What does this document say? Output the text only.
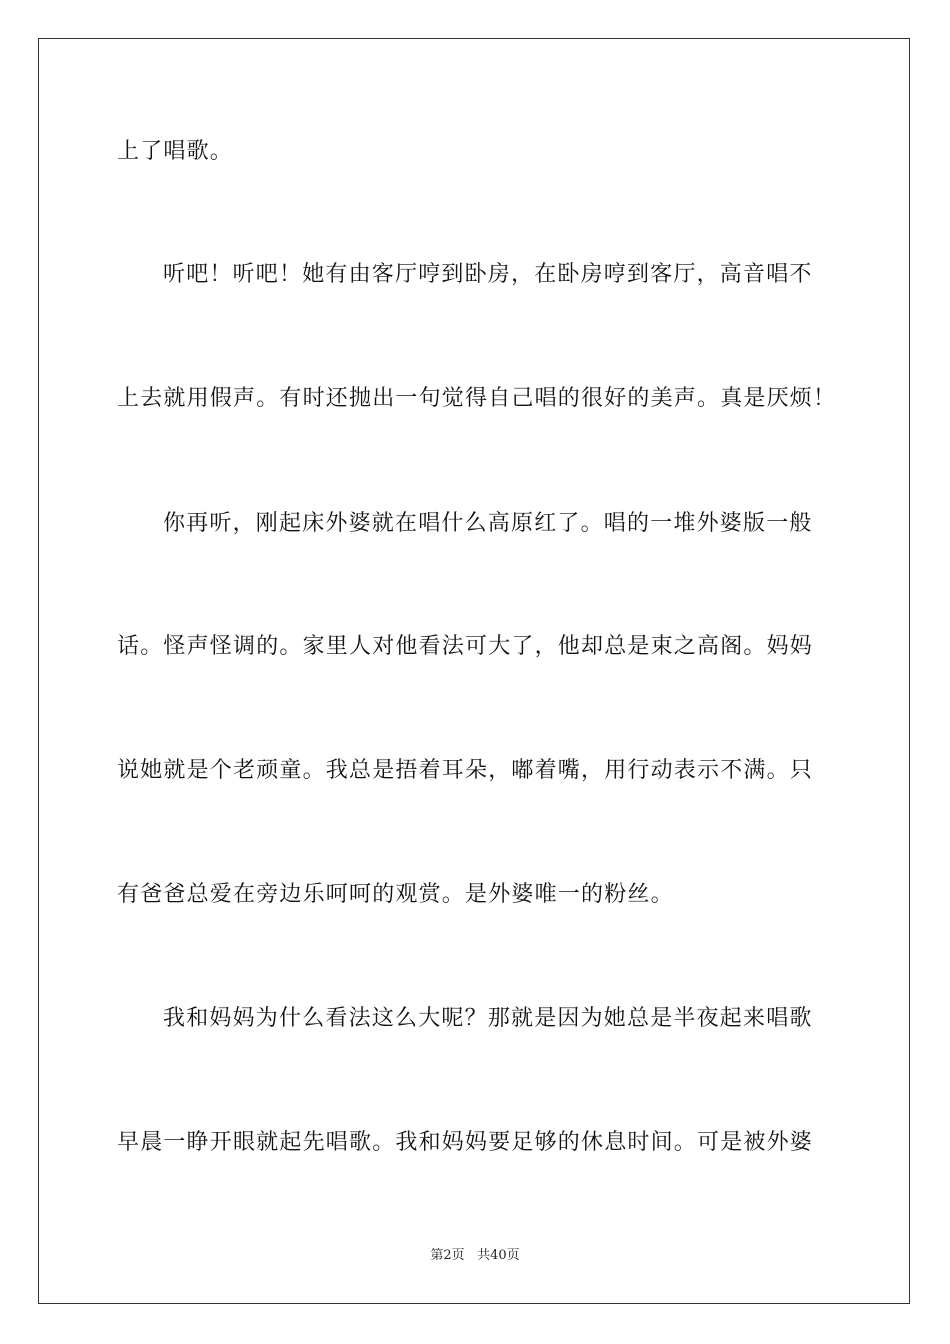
上了唱歌。
听吧！听吧！她有由客厅哼到卧房，在卧房哼到客厅，高音唱不
上去就用假声。有时还抛出一句觉得自己唱的很好的美声。真是厌烦！
你再听，刚起床外婆就在唱什么高原红了。唱的一堆外婆版一般
话。怪声怪调的。家里人对他看法可大了，他却总是束之高阁。妈妈
说她就是个老顽童。我总是捂着耳朵，嘟着嘴，用行动表示不满。只
有爸爸总爱在旁边乐呵呵的观赏。是外婆唯一的粉丝。
我和妈妈为什么看法这么大呢？那就是因为她总是半夜起来唱歌
早晨一睁开眼就起先唱歌。我和妈妈要足够的休息时间。可是被外婆
第2页 共40页
